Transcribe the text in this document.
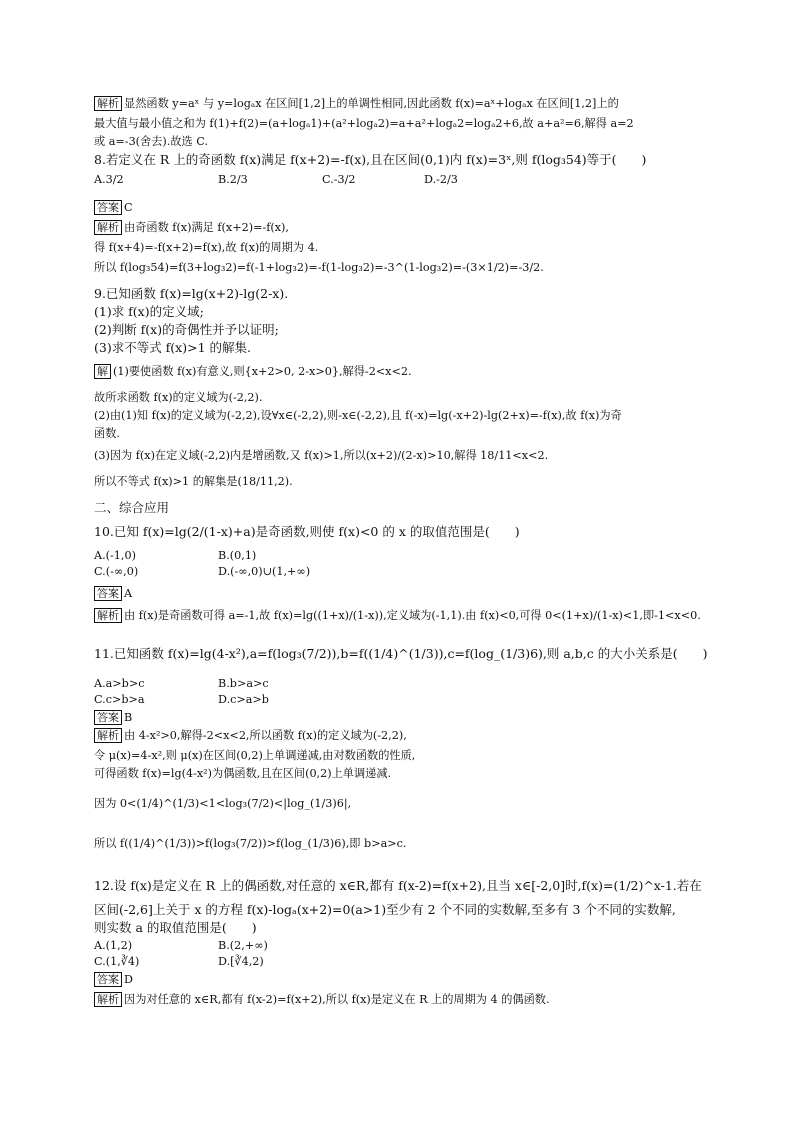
解析 显然函数 y=aˣ 与 y=logₐx 在区间[1,2]上的单调性相同,因此函数 f(x)=aˣ+logₐx 在区间[1,2]上的
最大值与最小值之和为 f(1)+f(2)=(a+logₐ1)+(a²+logₐ2)=a+a²+logₐ2=logₐ2+6,故 a+a²=6,解得 a=2
或 a=-3(舍去).故选 C.
8.若定义在 R 上的奇函数 f(x)满足 f(x+2)=-f(x),且在区间(0,1)内 f(x)=3ˣ,则 f(log₃54)等于(　　)
A.3/2	B.2/3	C.-3/2	D.-2/3
答案 C
解析 由奇函数 f(x)满足 f(x+2)=-f(x),
得 f(x+4)=-f(x+2)=f(x),故 f(x)的周期为 4.
所以 f(log₃54)=f(3+log₃2)=f(-1+log₃2)=-f(1-log₃2)=-3^(1-log₃2)=-(3×1/2)=-3/2.
9.已知函数 f(x)=lg(x+2)-lg(2-x).
(1)求 f(x)的定义域;
(2)判断 f(x)的奇偶性并予以证明;
(3)求不等式 f(x)>1 的解集.
解 (1)要使函数 f(x)有意义,则{x+2>0, 2-x>0},解得-2<x<2.
故所求函数 f(x)的定义域为(-2,2).
(2)由(1)知 f(x)的定义域为(-2,2),设∀x∈(-2,2),则-x∈(-2,2),且 f(-x)=lg(-x+2)-lg(2+x)=-f(x),故 f(x)为奇
函数.
(3)因为 f(x)在定义域(-2,2)内是增函数,又 f(x)>1,所以(x+2)/(2-x)>10,解得 18/11<x<2.
所以不等式 f(x)>1 的解集是(18/11,2).
二、综合应用
10.已知 f(x)=lg(2/(1-x)+a)是奇函数,则使 f(x)<0 的 x 的取值范围是(　　)
A.(-1,0)	B.(0,1)
C.(-∞,0)	D.(-∞,0)∪(1,+∞)
答案 A
解析 由 f(x)是奇函数可得 a=-1,故 f(x)=lg((1+x)/(1-x)),定义域为(-1,1).由 f(x)<0,可得 0<(1+x)/(1-x)<1,即-1<x<0.
11.已知函数 f(x)=lg(4-x²),a=f(log₃(7/2)),b=f((1/4)^(1/3)),c=f(log_(1/3)6),则 a,b,c 的大小关系是(　　)
A.a>b>c	B.b>a>c
C.c>b>a	D.c>a>b
答案 B
解析 由 4-x²>0,解得-2<x<2,所以函数 f(x)的定义域为(-2,2),
令 μ(x)=4-x²,则 μ(x)在区间(0,2)上单调递减,由对数函数的性质,
可得函数 f(x)=lg(4-x²)为偶函数,且在区间(0,2)上单调递减.
因为 0<(1/4)^(1/3)<1<log₃(7/2)<|log_(1/3)6|,
所以 f((1/4)^(1/3))>f(log₃(7/2))>f(log_(1/3)6),即 b>a>c.
12.设 f(x)是定义在 R 上的偶函数,对任意的 x∈R,都有 f(x-2)=f(x+2),且当 x∈[-2,0]时,f(x)=(1/2)^x-1.若在
区间(-2,6]上关于 x 的方程 f(x)-logₐ(x+2)=0(a>1)至少有 2 个不同的实数解,至多有 3 个不同的实数解,
则实数 a 的取值范围是(　　)
A.(1,2)	B.(2,+∞)
C.(1,∛4)	D.[∛4,2)
答案 D
解析 因为对任意的 x∈R,都有 f(x-2)=f(x+2),所以 f(x)是定义在 R 上的周期为 4 的偶函数.
